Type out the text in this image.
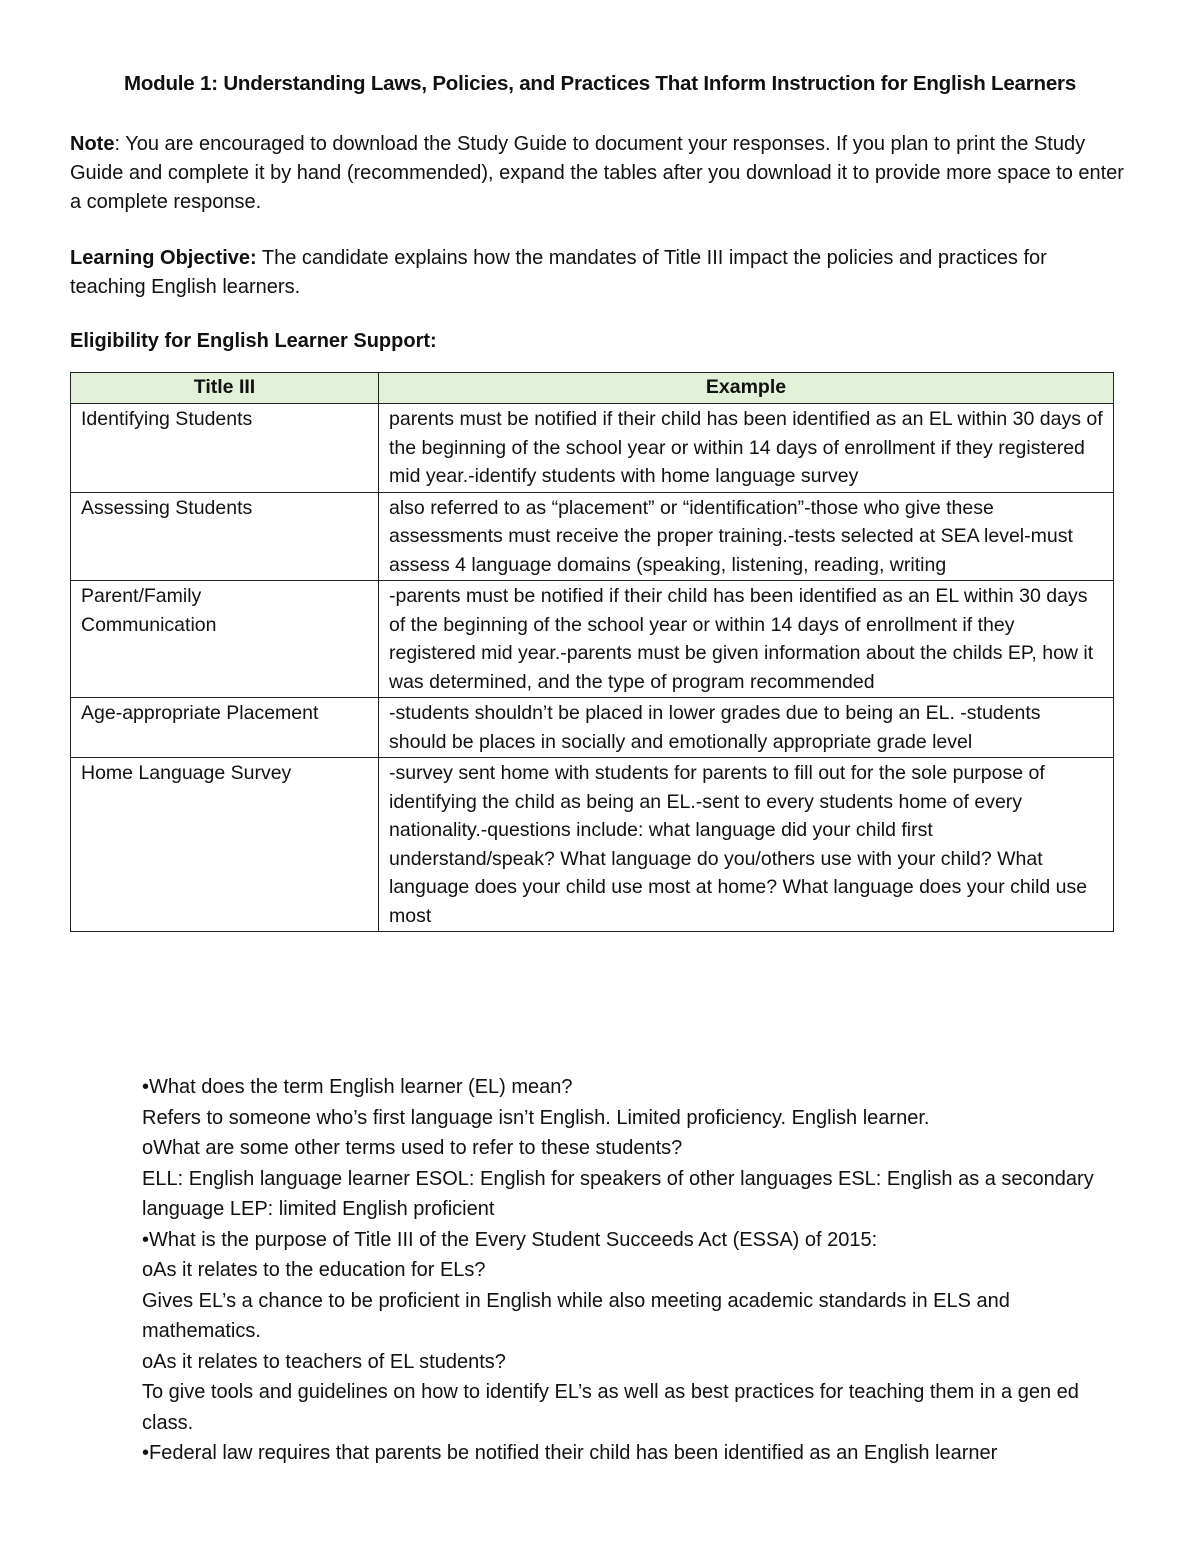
Module 1: Understanding Laws, Policies, and Practices That Inform Instruction for English Learners
Note: You are encouraged to download the Study Guide to document your responses. If you plan to print the Study Guide and complete it by hand (recommended), expand the tables after you download it to provide more space to enter a complete response.
Learning Objective: The candidate explains how the mandates of Title III impact the policies and practices for teaching English learners.
Eligibility for English Learner Support:
Title III	Example
Identifying Students	parents must be notified if their child has been identified as an EL within 30 days of the beginning of the school year or within 14 days of enrollment if they registered mid year.-identify students with home language survey
Assessing Students	also referred to as “placement” or “identification”-those who give these assessments must receive the proper training.-tests selected at SEA level-must assess 4 language domains (speaking, listening, reading, writing
Parent/Family Communication	-parents must be notified if their child has been identified as an EL within 30 days of the beginning of the school year or within 14 days of enrollment if they registered mid year.-parents must be given information about the childs EP, how it was determined, and the type of program recommended
Age-appropriate Placement	-students shouldn’t be placed in lower grades due to being an EL. -students should be places in socially and emotionally appropriate grade level
Home Language Survey	-survey sent home with students for parents to fill out for the sole purpose of identifying the child as being an EL.-sent to every students home of every nationality.-questions include: what language did your child first understand/speak? What language do you/others use with your child? What language does your child use most at home? What language does your child use most

•What does the term English learner (EL) mean?

Refers to someone who’s first language isn’t English. Limited proficiency. English learner.

oWhat are some other terms used to refer to these students?

ELL: English language learner ESOL: English for speakers of other languages ESL: English as a secondary language LEP: limited English proficient

•What is the purpose of Title III of the Every Student Succeeds Act (ESSA) of 2015:

oAs it relates to the education for ELs?

Gives EL’s a chance to be proficient in English while also meeting academic standards in ELS and mathematics.

oAs it relates to teachers of EL students?

To give tools and guidelines on how to identify EL’s as well as best practices for teaching them in a gen ed class.

•Federal law requires that parents be notified their child has been identified as an English learner
